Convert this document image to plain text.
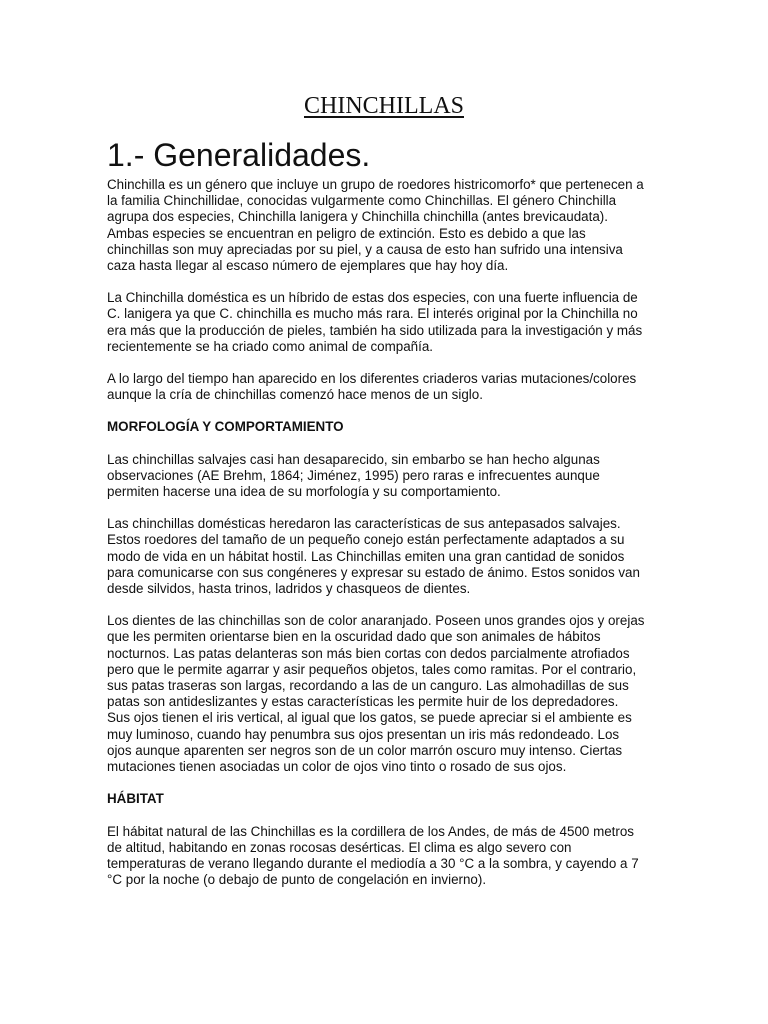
CHINCHILLAS
1.- Generalidades.
Chinchilla es un género que incluye un grupo de roedores histricomorfo* que pertenecen a
la familia Chinchillidae, conocidas vulgarmente como Chinchillas. El género Chinchilla
agrupa dos especies, Chinchilla lanigera y Chinchilla chinchilla (antes brevicaudata).
Ambas especies se encuentran en peligro de extinción. Esto es debido a que las
chinchillas son muy apreciadas por su piel, y a causa de esto han sufrido una intensiva
caza hasta llegar al escaso número de ejemplares que hay hoy día.
La Chinchilla doméstica es un híbrido de estas dos especies, con una fuerte influencia de
C. lanigera ya que C. chinchilla es mucho más rara. El interés original por la Chinchilla no
era más que la producción de pieles, también ha sido utilizada para la investigación y más
recientemente se ha criado como animal de compañía.
A lo largo del tiempo han aparecido en los diferentes criaderos varias mutaciones/colores
aunque la cría de chinchillas comenzó hace menos de un siglo.
MORFOLOGÍA Y COMPORTAMIENTO
Las chinchillas salvajes casi han desaparecido, sin embarbo se han hecho algunas
observaciones (AE Brehm, 1864; Jiménez, 1995) pero raras e infrecuentes aunque
permiten hacerse una idea de su morfología y su comportamiento.
Las chinchillas domésticas heredaron las características de sus antepasados salvajes.
Estos roedores del tamaño de un pequeño conejo están perfectamente adaptados a su
modo de vida en un hábitat hostil. Las Chinchillas emiten una gran cantidad de sonidos
para comunicarse con sus congéneres y expresar su estado de ánimo. Estos sonidos van
desde silvidos, hasta trinos, ladridos y chasqueos de dientes.
Los dientes de las chinchillas son de color anaranjado. Poseen unos grandes ojos y orejas
que les permiten orientarse bien en la oscuridad dado que son animales de hábitos
nocturnos. Las patas delanteras son más bien cortas con dedos parcialmente atrofiados
pero que le permite agarrar y asir pequeños objetos, tales como ramitas. Por el contrario,
sus patas traseras son largas, recordando a las de un canguro. Las almohadillas de sus
patas son antideslizantes y estas características les permite huir de los depredadores.
Sus ojos tienen el iris vertical, al igual que los gatos, se puede apreciar si el ambiente es
muy luminoso, cuando hay penumbra sus ojos presentan un iris más redondeado. Los
ojos aunque aparenten ser negros son de un color marrón oscuro muy intenso. Ciertas
mutaciones tienen asociadas un color de ojos vino tinto o rosado de sus ojos.
HÁBITAT
El hábitat natural de las Chinchillas es la cordillera de los Andes, de más de 4500 metros
de altitud, habitando en zonas rocosas desérticas. El clima es algo severo con
temperaturas de verano llegando durante el mediodía a 30 °C a la sombra, y cayendo a 7
°C por la noche (o debajo de punto de congelación en invierno).
